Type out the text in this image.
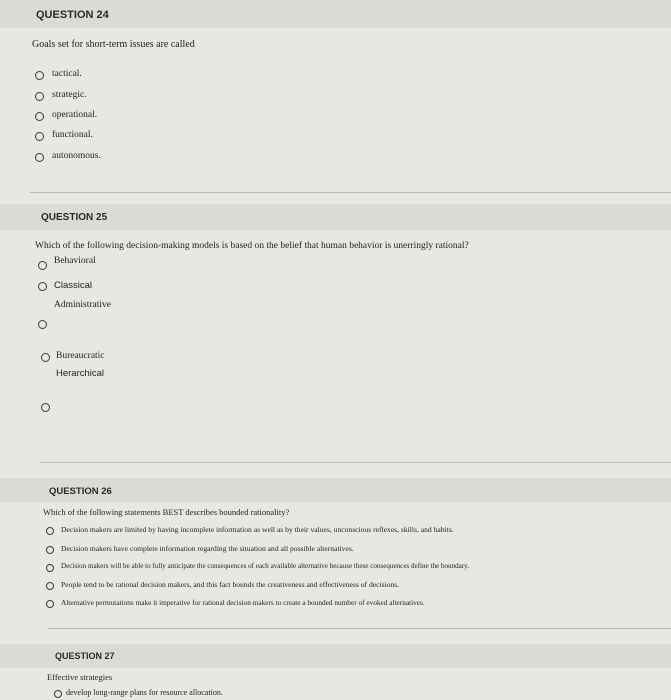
QUESTION 24
Goals set for short-term issues are called
tactical.
strategic.
operational.
functional.
autonomous.
QUESTION 25
Which of the following decision-making models is based on the belief that human behavior is unerringly rational?
Behavioral
Classical
Administrative
Bureaucratic
Herarchical
QUESTION 26
Which of the following statements BEST describes bounded rationality?
Decision makers are limited by having incomplete information as well as by their values, unconscious reflexes, skills, and habits.
Decision makers have complete information regarding the situation and all possible alternatives.
Decision makers will be able to fully anticipate the consequences of each available alternative because these consequences define the boundary.
People tend to be rational decision makers, and this fact bounds the creativeness and effectiveness of decisions.
Alternative permutations make it imperative for rational decision makers to create a bounded number of evoked alternatives.
QUESTION 27
Effective strategies
develop long-range plans for resource allocation.
